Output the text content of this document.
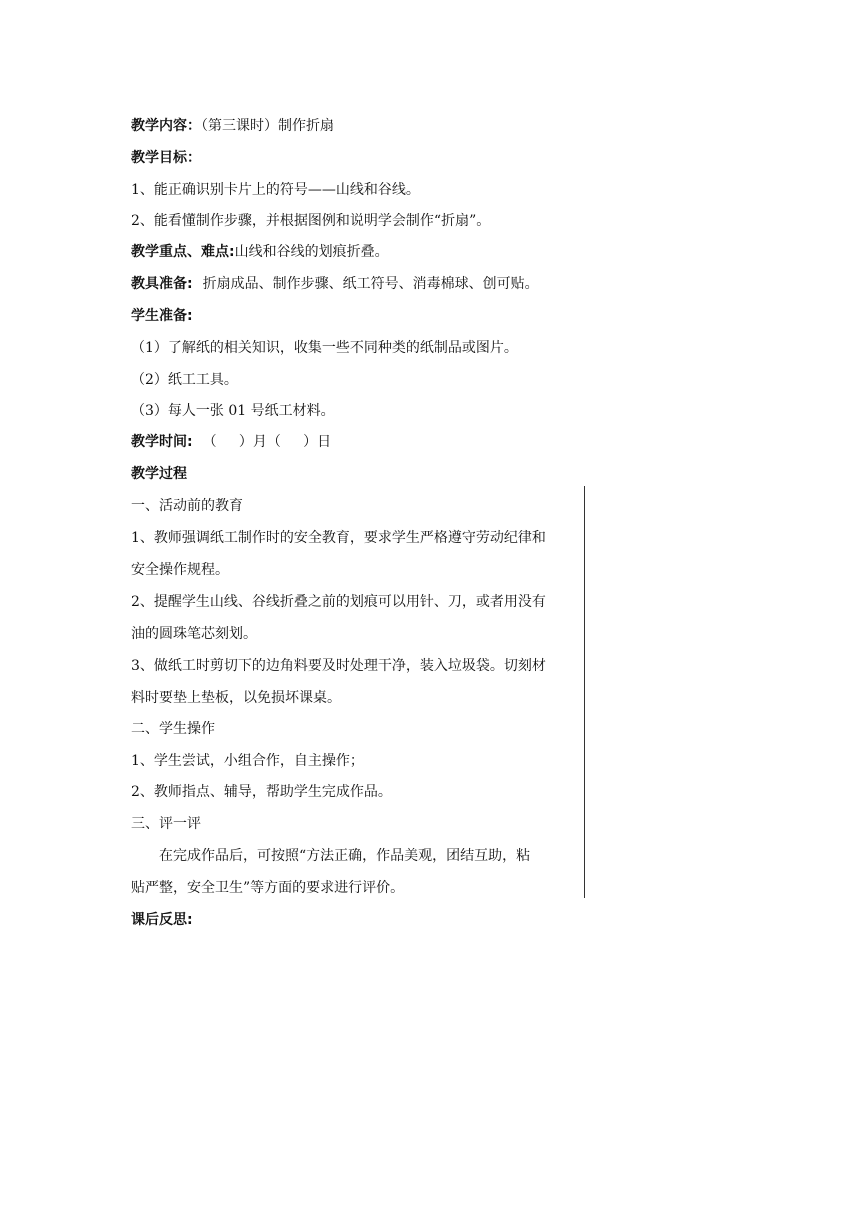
教学内容：（第三课时）制作折扇
教学目标：
1、能正确识别卡片上的符号——山线和谷线。
2、能看懂制作步骤，并根据图例和说明学会制作“折扇”。
教学重点、难点:山线和谷线的划痕折叠。
教具准备: 折扇成品、制作步骤、纸工符号、消毒棉球、创可贴。
学生准备:
（1）了解纸的相关知识，收集一些不同种类的纸制品或图片。
（2）纸工工具。
（3）每人一张 01 号纸工材料。
教学时间: （     ）月（     ）日
教学过程
一、活动前的教育
1、教师强调纸工制作时的安全教育，要求学生严格遵守劳动纪律和
安全操作规程。
2、提醒学生山线、谷线折叠之前的划痕可以用针、刀，或者用没有
油的圆珠笔芯刻划。
3、做纸工时剪切下的边角料要及时处理干净，装入垃圾袋。切刻材
料时要垫上垫板，以免损坏课桌。
二、学生操作
1、学生尝试，小组合作，自主操作；
2、教师指点、辅导，帮助学生完成作品。
三、评一评
在完成作品后，可按照“方法正确，作品美观，团结互助，粘
贴严整，安全卫生”等方面的要求进行评价。
课后反思:
